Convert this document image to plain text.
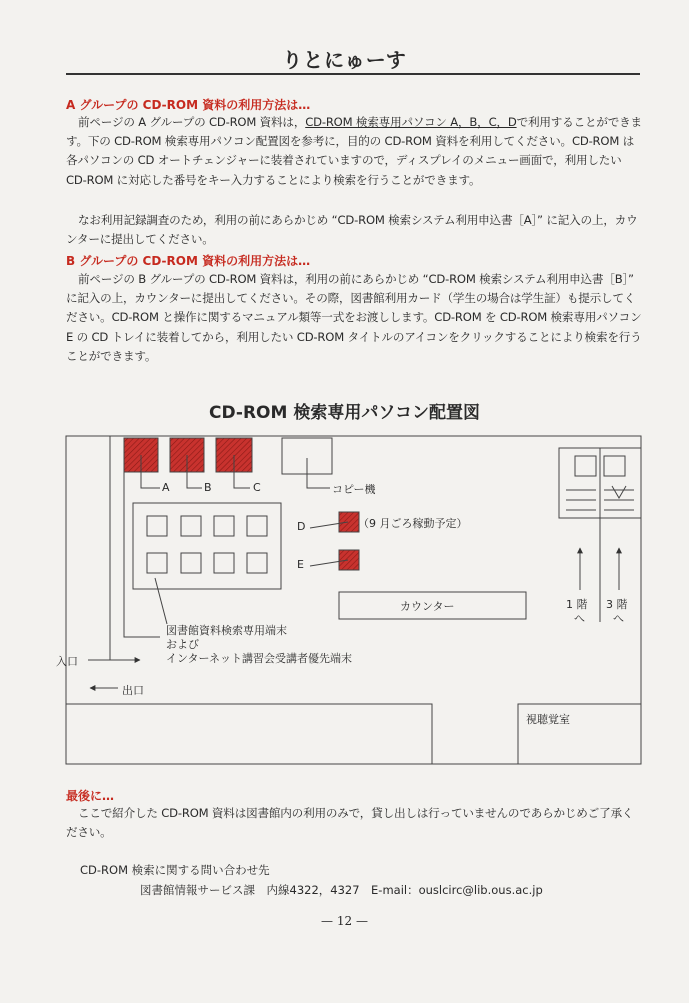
りとにゅーす
A グループの CD-ROM 資料の利用方法は…

前ページの A グループの CD-ROM 資料は，CD-ROM 検索専用パソコン A，B，C，Dで利用することができます。下の CD-ROM 検索専用パソコン配置図を参考に，目的の CD-ROM 資料を利用してください。CD-ROM は各パソコンの CD オートチェンジャーに装着されていますので，ディスプレイのメニュー画面で，利用したい CD-ROM に対応した番号をキー入力することにより検索を行うことができます。

なお利用記録調査のため，利用の前にあらかじめ “CD-ROM 検索システム利用申込書［A］” に記入の上，カウンターに提出してください。

B グループの CD-ROM 資料の利用方法は…

前ページの B グループの CD-ROM 資料は，利用の前にあらかじめ “CD-ROM 検索システム利用申込書［B］” に記入の上，カウンターに提出してください。その際，図書館利用カード（学生の場合は学生証）も提示してください。CD-ROM と操作に関するマニュアル類等一式をお渡しします。CD-ROM を CD-ROM 検索専用パソコン E の CD トレイに装着してから，利用したい CD-ROM タイトルのアイコンをクリックすることにより検索を行うことができます。

CD-ROM 検索専用パソコン配置図
A	B	C	コピー機
D
E
（9 月ごろ稼動予定）
カウンター	1 階
へ
3 階
へ
図書館資料検索専用端末
および
インターネット講習会受講者優先端末
入口
出口
視聴覚室
最後に…

ここで紹介した CD-ROM 資料は図書館内の利用のみで，貸し出しは行っていませんのであらかじめご了承ください。

CD-ROM 検索に関する問い合わせ先
図書館情報サービス課　内線4322，4327　E-mail：ouslcirc@lib.ous.ac.jp
— 12 —
